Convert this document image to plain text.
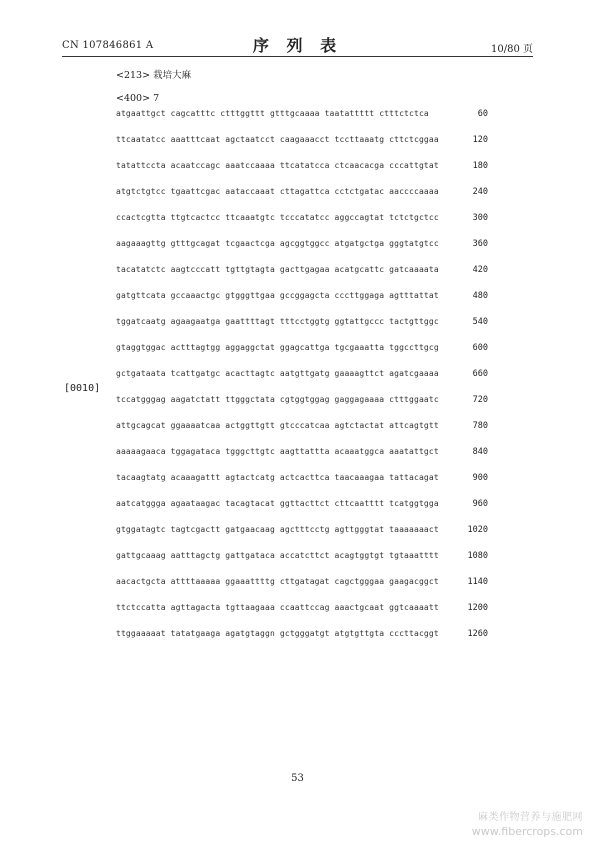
CN 107846861 A	序 列 表	10/80 页
<213> 栽培大麻
<400> 7
[0010]
atgaattgct cagcatttc ctttggttt gtttgcaaaa taatattttt ctttctctca	60
ttcaatatcc aaatttcaat agctaatcct caagaaacct tccttaaatg cttctcggaa	120
tatattccta acaatccagc aaatccaaaa ttcatatcca ctcaacacga cccattgtat	180
atgtctgtcc tgaattcgac aataccaaat cttagattca cctctgatac aaccccaaaa	240
ccactcgtta ttgtcactcc ttcaaatgtc tcccatatcc aggccagtat tctctgctcc	300
aagaaagttg gtttgcagat tcgaactcga agcggtggcc atgatgctga gggtatgtcc	360
tacatatctc aagtcccatt tgttgtagta gacttgagaa acatgcattc gatcaaaata	420
gatgttcata gccaaactgc gtgggttgaa gccggagcta cccttggaga agtttattat	480
tggatcaatg agaagaatga gaattttagt tttcctggtg ggtattgccc tactgttggc	540
gtaggtggac actttagtgg aggaggctat ggagcattga tgcgaaatta tggccttgcg	600
gctgataata tcattgatgc acacttagtc aatgttgatg gaaaagttct agatcgaaaa	660
tccatgggag aagatctatt ttgggctata cgtggtggag gaggagaaaa ctttggaatc	720
attgcagcat ggaaaatcaa actggttgtt gtcccatcaa agtctactat attcagtgtt	780
aaaaagaaca tggagataca tgggcttgtc aagttattta acaaatggca aaatattgct	840
tacaagtatg acaaagattt agtactcatg actcacttca taacaaagaa tattacagat	900
aatcatggga agaataagac tacagtacat ggttacttct cttcaatttt tcatggtgga	960
gtggatagtc tagtcgactt gatgaacaag agctttcctg agttgggtat taaaaaaact	1020
gattgcaaag aatttagctg gattgataca accatcttct acagtggtgt tgtaaatttt	1080
aacactgcta attttaaaaa ggaaattttg cttgatagat cagctgggaa gaagacggct	1140
ttctccatta agttagacta tgttaagaaa ccaattccag aaactgcaat ggtcaaaatt	1200
ttggaaaaat tatatgaaga agatgtaggn gctgggatgt atgtgttgta cccttacggt	1260
53
麻类作物营养与施肥网
www.fibercrops.com
